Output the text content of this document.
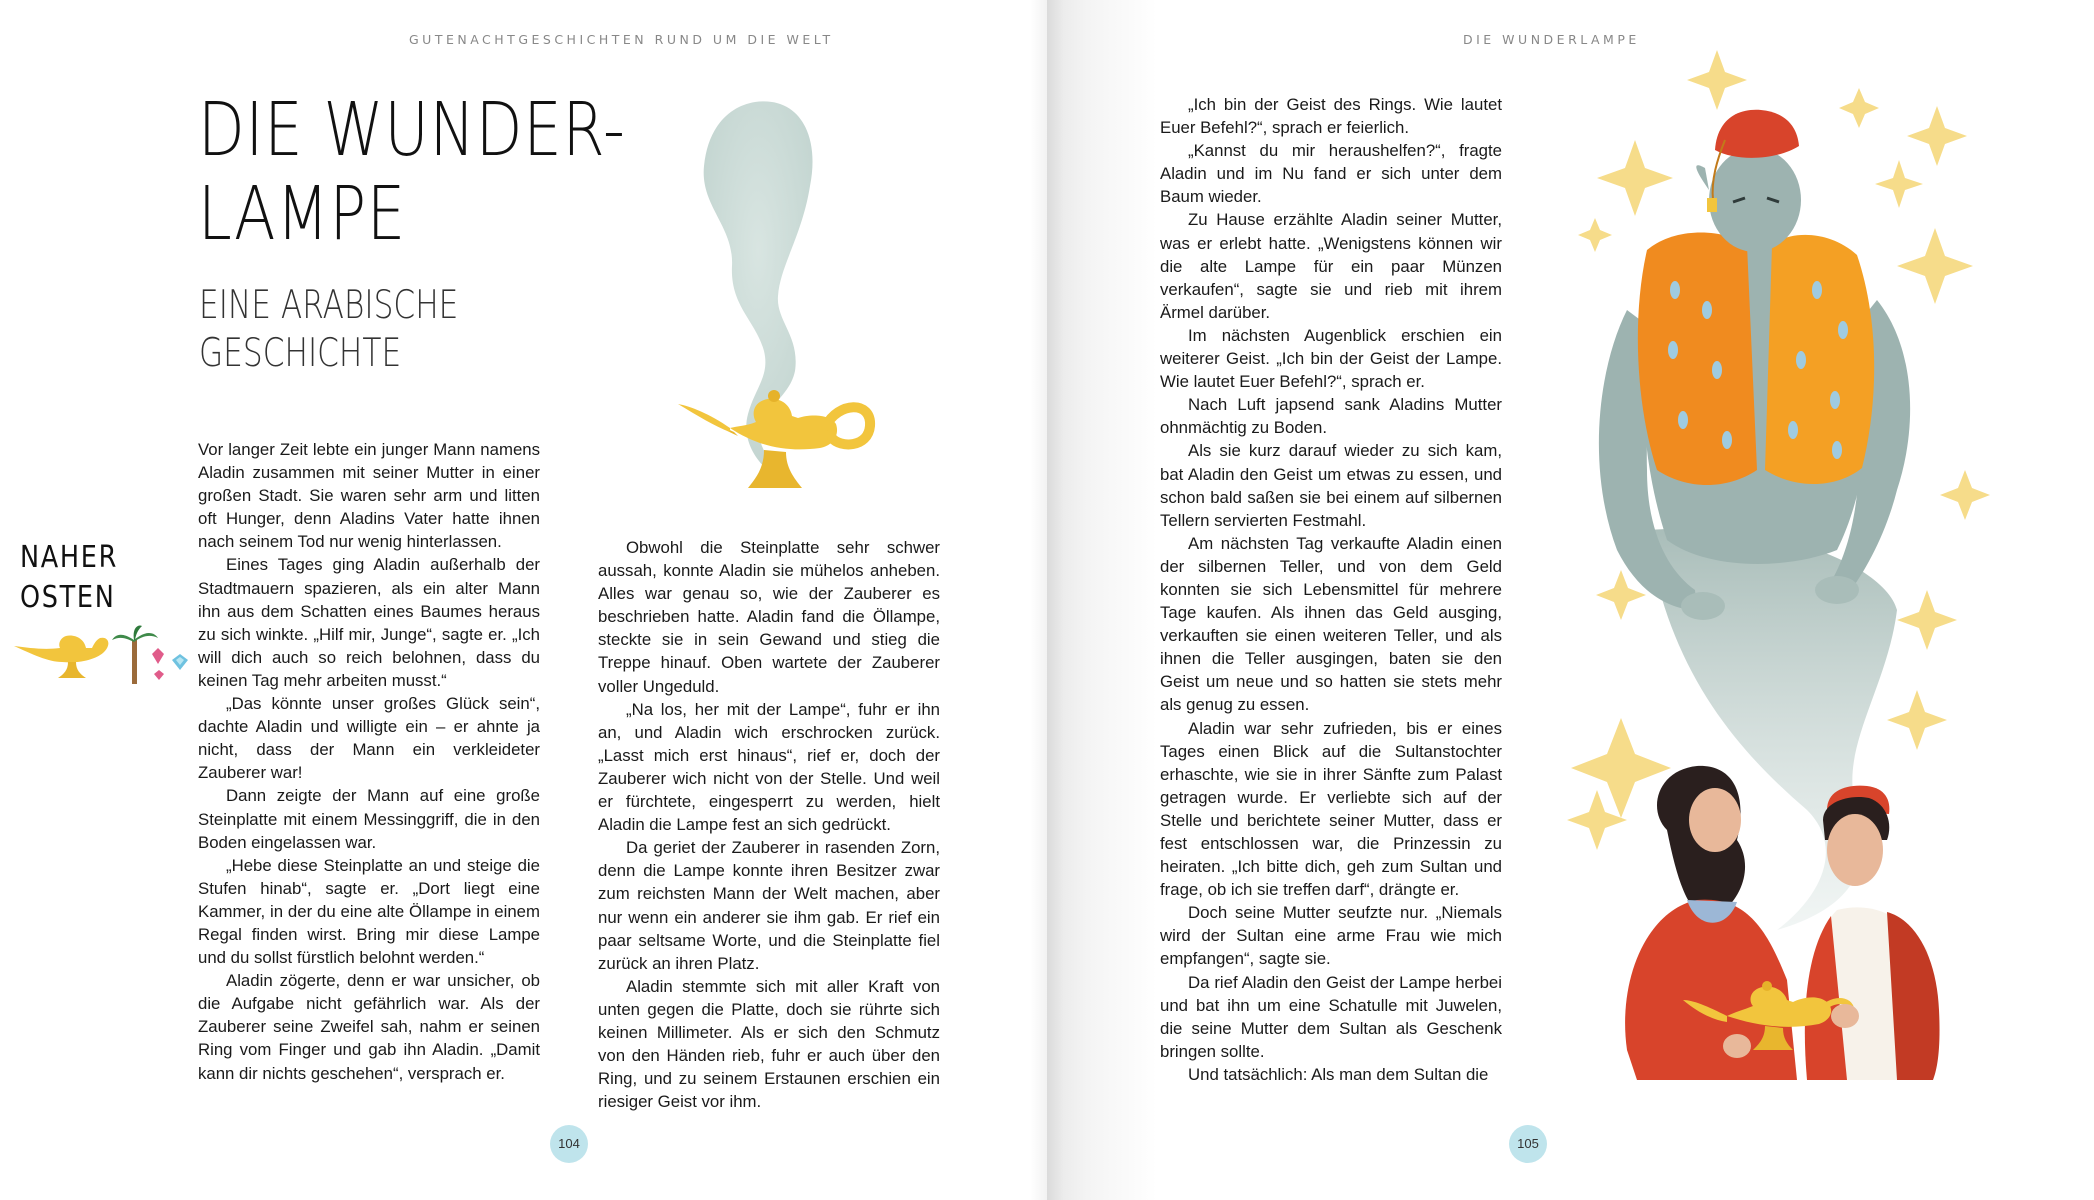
GUTENACHTGESCHICHTEN RUND UM DIE WELT
DIE WUNDER-
LAMPE
EINE ARABISCHE
GESCHICHTE
NAHER
OSTEN

Vor langer Zeit lebte ein junger Mann namens Aladin zusammen mit seiner Mutter in einer großen Stadt. Sie waren sehr arm und litten oft Hunger, denn Aladins Vater hatte ihnen nach seinem Tod nur wenig hinterlassen.

Eines Tages ging Aladin außerhalb der Stadtmauern spazieren, als ein alter Mann ihn aus dem Schatten eines Baumes heraus zu sich winkte. „Hilf mir, Junge“, sagte er. „Ich will dich auch so reich belohnen, dass du keinen Tag mehr arbeiten musst.“

„Das könnte unser großes Glück sein“, dachte Aladin und willigte ein – er ahnte ja nicht, dass der Mann ein verkleideter Zauberer war!

Dann zeigte der Mann auf eine große Steinplatte mit einem Messinggriff, die in den Boden eingelassen war.

„Hebe diese Steinplatte an und steige die Stufen hinab“, sagte er. „Dort liegt eine Kammer, in der du eine alte Öllampe in einem Regal finden wirst. Bring mir diese Lampe und du sollst fürstlich belohnt werden.“

Aladin zögerte, denn er war unsicher, ob die Aufgabe nicht gefährlich war. Als der Zauberer seine Zweifel sah, nahm er seinen Ring vom Finger und gab ihn Aladin. „Damit kann dir nichts geschehen“, versprach er.

Obwohl die Steinplatte sehr schwer aussah, konnte Aladin sie mühelos anheben. Alles war genau so, wie der Zauberer es beschrieben hatte. Aladin fand die Öllampe, steckte sie in sein Gewand und stieg die Treppe hinauf. Oben wartete der Zauberer voller Ungeduld.

„Na los, her mit der Lampe“, fuhr er ihn an, und Aladin wich erschrocken zurück. „Lasst mich erst hinaus“, rief er, doch der Zauberer wich nicht von der Stelle. Und weil er fürchtete, eingesperrt zu werden, hielt Aladin die Lampe fest an sich gedrückt.

Da geriet der Zauberer in rasenden Zorn, denn die Lampe konnte ihren Besitzer zwar zum reichsten Mann der Welt machen, aber nur wenn ein anderer sie ihm gab. Er rief ein paar seltsame Worte, und die Steinplatte fiel zurück an ihren Platz.

Aladin stemmte sich mit aller Kraft von unten gegen die Platte, doch sie rührte sich keinen Millimeter. Als er sich den Schmutz von den Händen rieb, fuhr er auch über den Ring, und zu seinem Erstaunen erschien ein riesiger Geist vor ihm.

104
DIE WUNDERLAMPE

„Ich bin der Geist des Rings. Wie lautet Euer Befehl?“, sprach er feierlich.

„Kannst du mir heraushelfen?“, fragte Aladin und im Nu fand er sich unter dem Baum wieder.

Zu Hause erzählte Aladin seiner Mutter, was er erlebt hatte. „Wenigstens können wir die alte Lampe für ein paar Münzen verkaufen“, sagte sie und rieb mit ihrem Ärmel darüber.

Im nächsten Augenblick erschien ein weiterer Geist. „Ich bin der Geist der Lampe. Wie lautet Euer Befehl?“, sprach er.

Nach Luft japsend sank Aladins Mutter ohnmächtig zu Boden.

Als sie kurz darauf wieder zu sich kam, bat Aladin den Geist um etwas zu essen, und schon bald saßen sie bei einem auf silbernen Tellern servierten Festmahl.

Am nächsten Tag verkaufte Aladin einen der silbernen Teller, und von dem Geld konnten sie sich Lebensmittel für mehrere Tage kaufen. Als ihnen das Geld ausging, verkauften sie einen weiteren Teller, und als ihnen die Teller ausgingen, baten sie den Geist um neue und so hatten sie stets mehr als genug zu essen.

Aladin war sehr zufrieden, bis er eines Tages einen Blick auf die Sultanstochter erhaschte, wie sie in ihrer Sänfte zum Palast getragen wurde. Er verliebte sich auf der Stelle und berichtete seiner Mutter, dass er fest entschlossen war, die Prinzessin zu heiraten. „Ich bitte dich, geh zum Sultan und frage, ob ich sie treffen darf“, drängte er.

Doch seine Mutter seufzte nur. „Niemals wird der Sultan eine arme Frau wie mich empfangen“, sagte sie.

Da rief Aladin den Geist der Lampe herbei und bat ihn um eine Schatulle mit Juwelen, die seine Mutter dem Sultan als Geschenk bringen sollte.

Und tatsächlich: Als man dem Sultan die

105
